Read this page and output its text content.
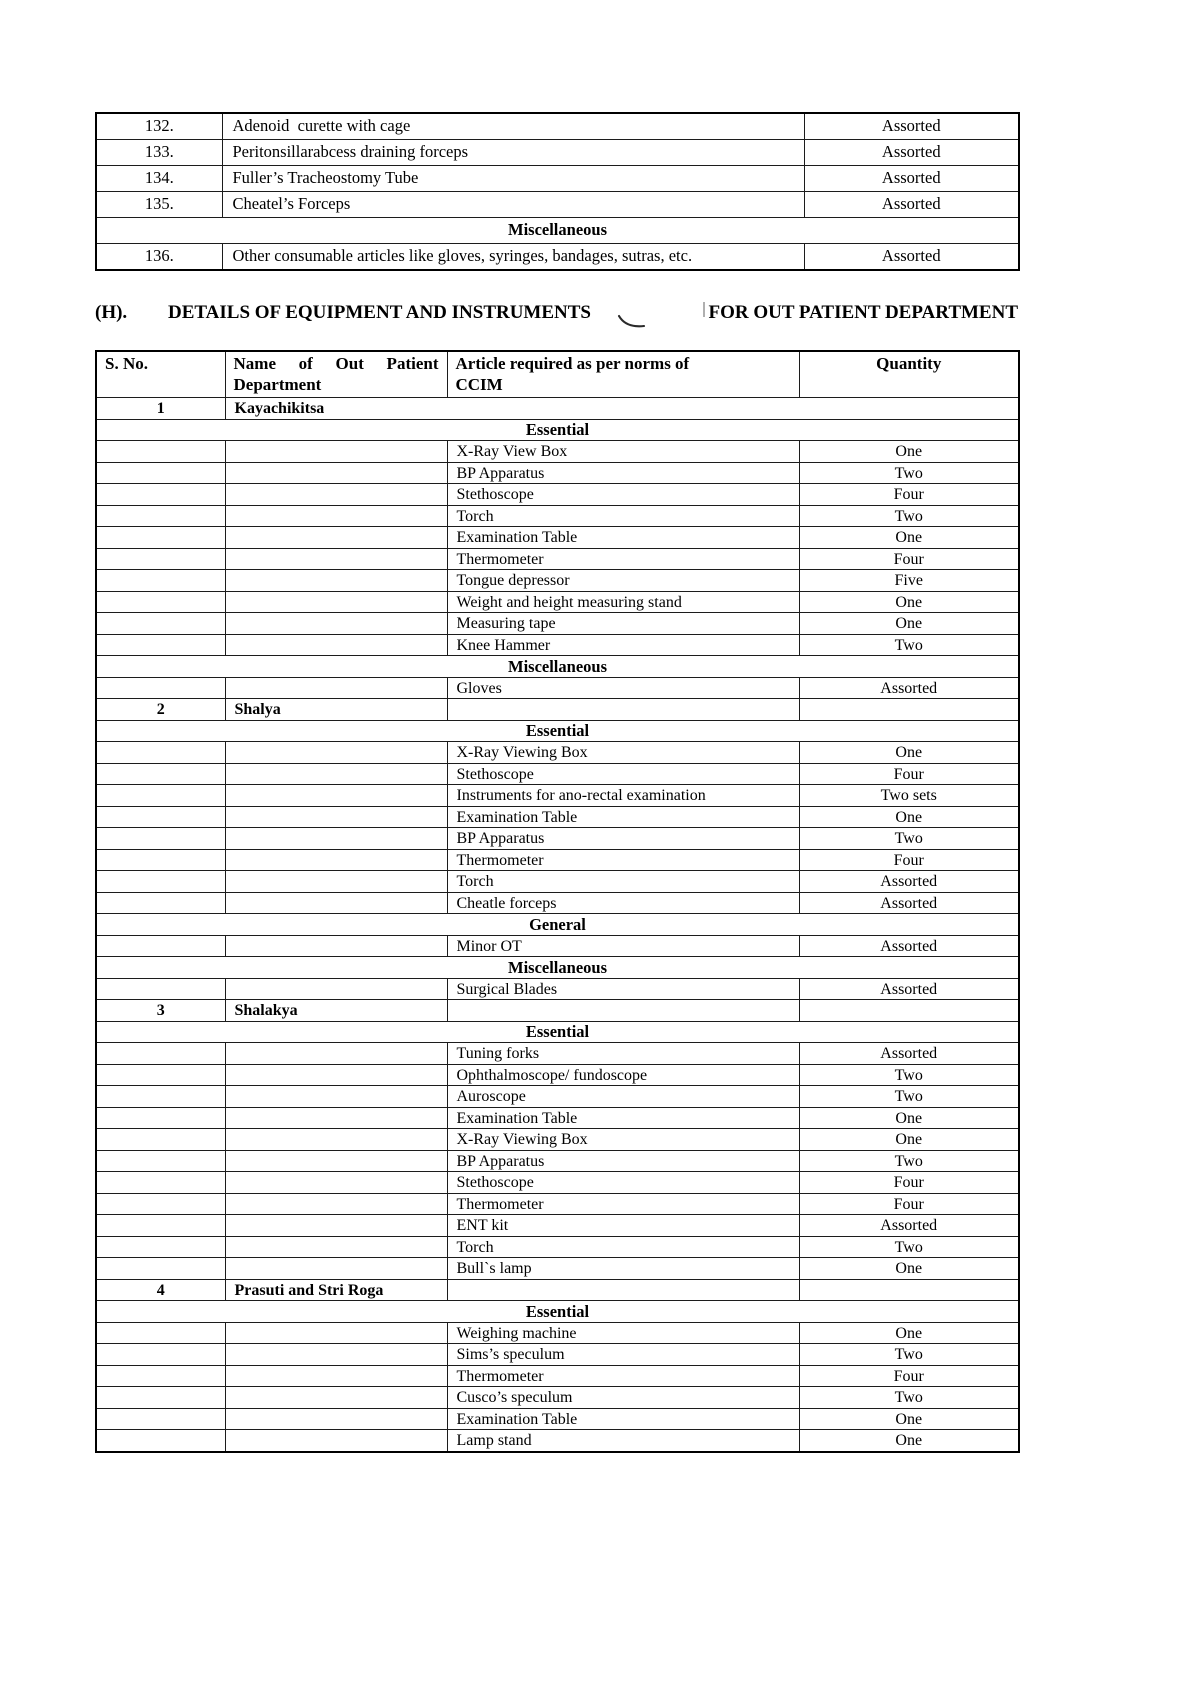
132.	Adenoid  curette with cage	Assorted
133.	Peritonsillarabcess draining forceps	Assorted
134.	Fuller’s Tracheostomy Tube	Assorted
135.	Cheatel’s Forceps	Assorted
Miscellaneous		
136.	Other consumable articles like gloves, syringes, bandages, sutras, etc.	Assorted
(H).	DETAILS OF EQUIPMENT AND INSTRUMENTS	FOR OUT PATIENT DEPARTMENT
S. No.	Name of Out Patient Department	Article required as per norms of CCIM	Quantity
1	Kayachikitsa		
Essential			
		X-Ray View Box	One
		BP Apparatus	Two
		Stethoscope	Four
		Torch	Two
		Examination Table	One
		Thermometer	Four
		Tongue depressor	Five
		Weight and height measuring stand	One
		Measuring tape	One
		Knee Hammer	Two
Miscellaneous			
		Gloves	Assorted
2	Shalya		
Essential			
		X-Ray Viewing Box	One
		Stethoscope	Four
		Instruments for ano-rectal examination	Two sets
		Examination Table	One
		BP Apparatus	Two
		Thermometer	Four
		Torch	Assorted
		Cheatle forceps	Assorted
General			
		Minor OT	Assorted
Miscellaneous			
		Surgical Blades	Assorted
3	Shalakya		
Essential			
		Tuning forks	Assorted
		Ophthalmoscope/ fundoscope	Two
		Auroscope	Two
		Examination Table	One
		X-Ray Viewing Box	One
		BP Apparatus	Two
		Stethoscope	Four
		Thermometer	Four
		ENT kit	Assorted
		Torch	Two
		Bull`s lamp	One
4	Prasuti and Stri Roga		
Essential			
		Weighing machine	One
		Sims’s speculum	Two
		Thermometer	Four
		Cusco’s speculum	Two
		Examination Table	One
		Lamp stand	One
